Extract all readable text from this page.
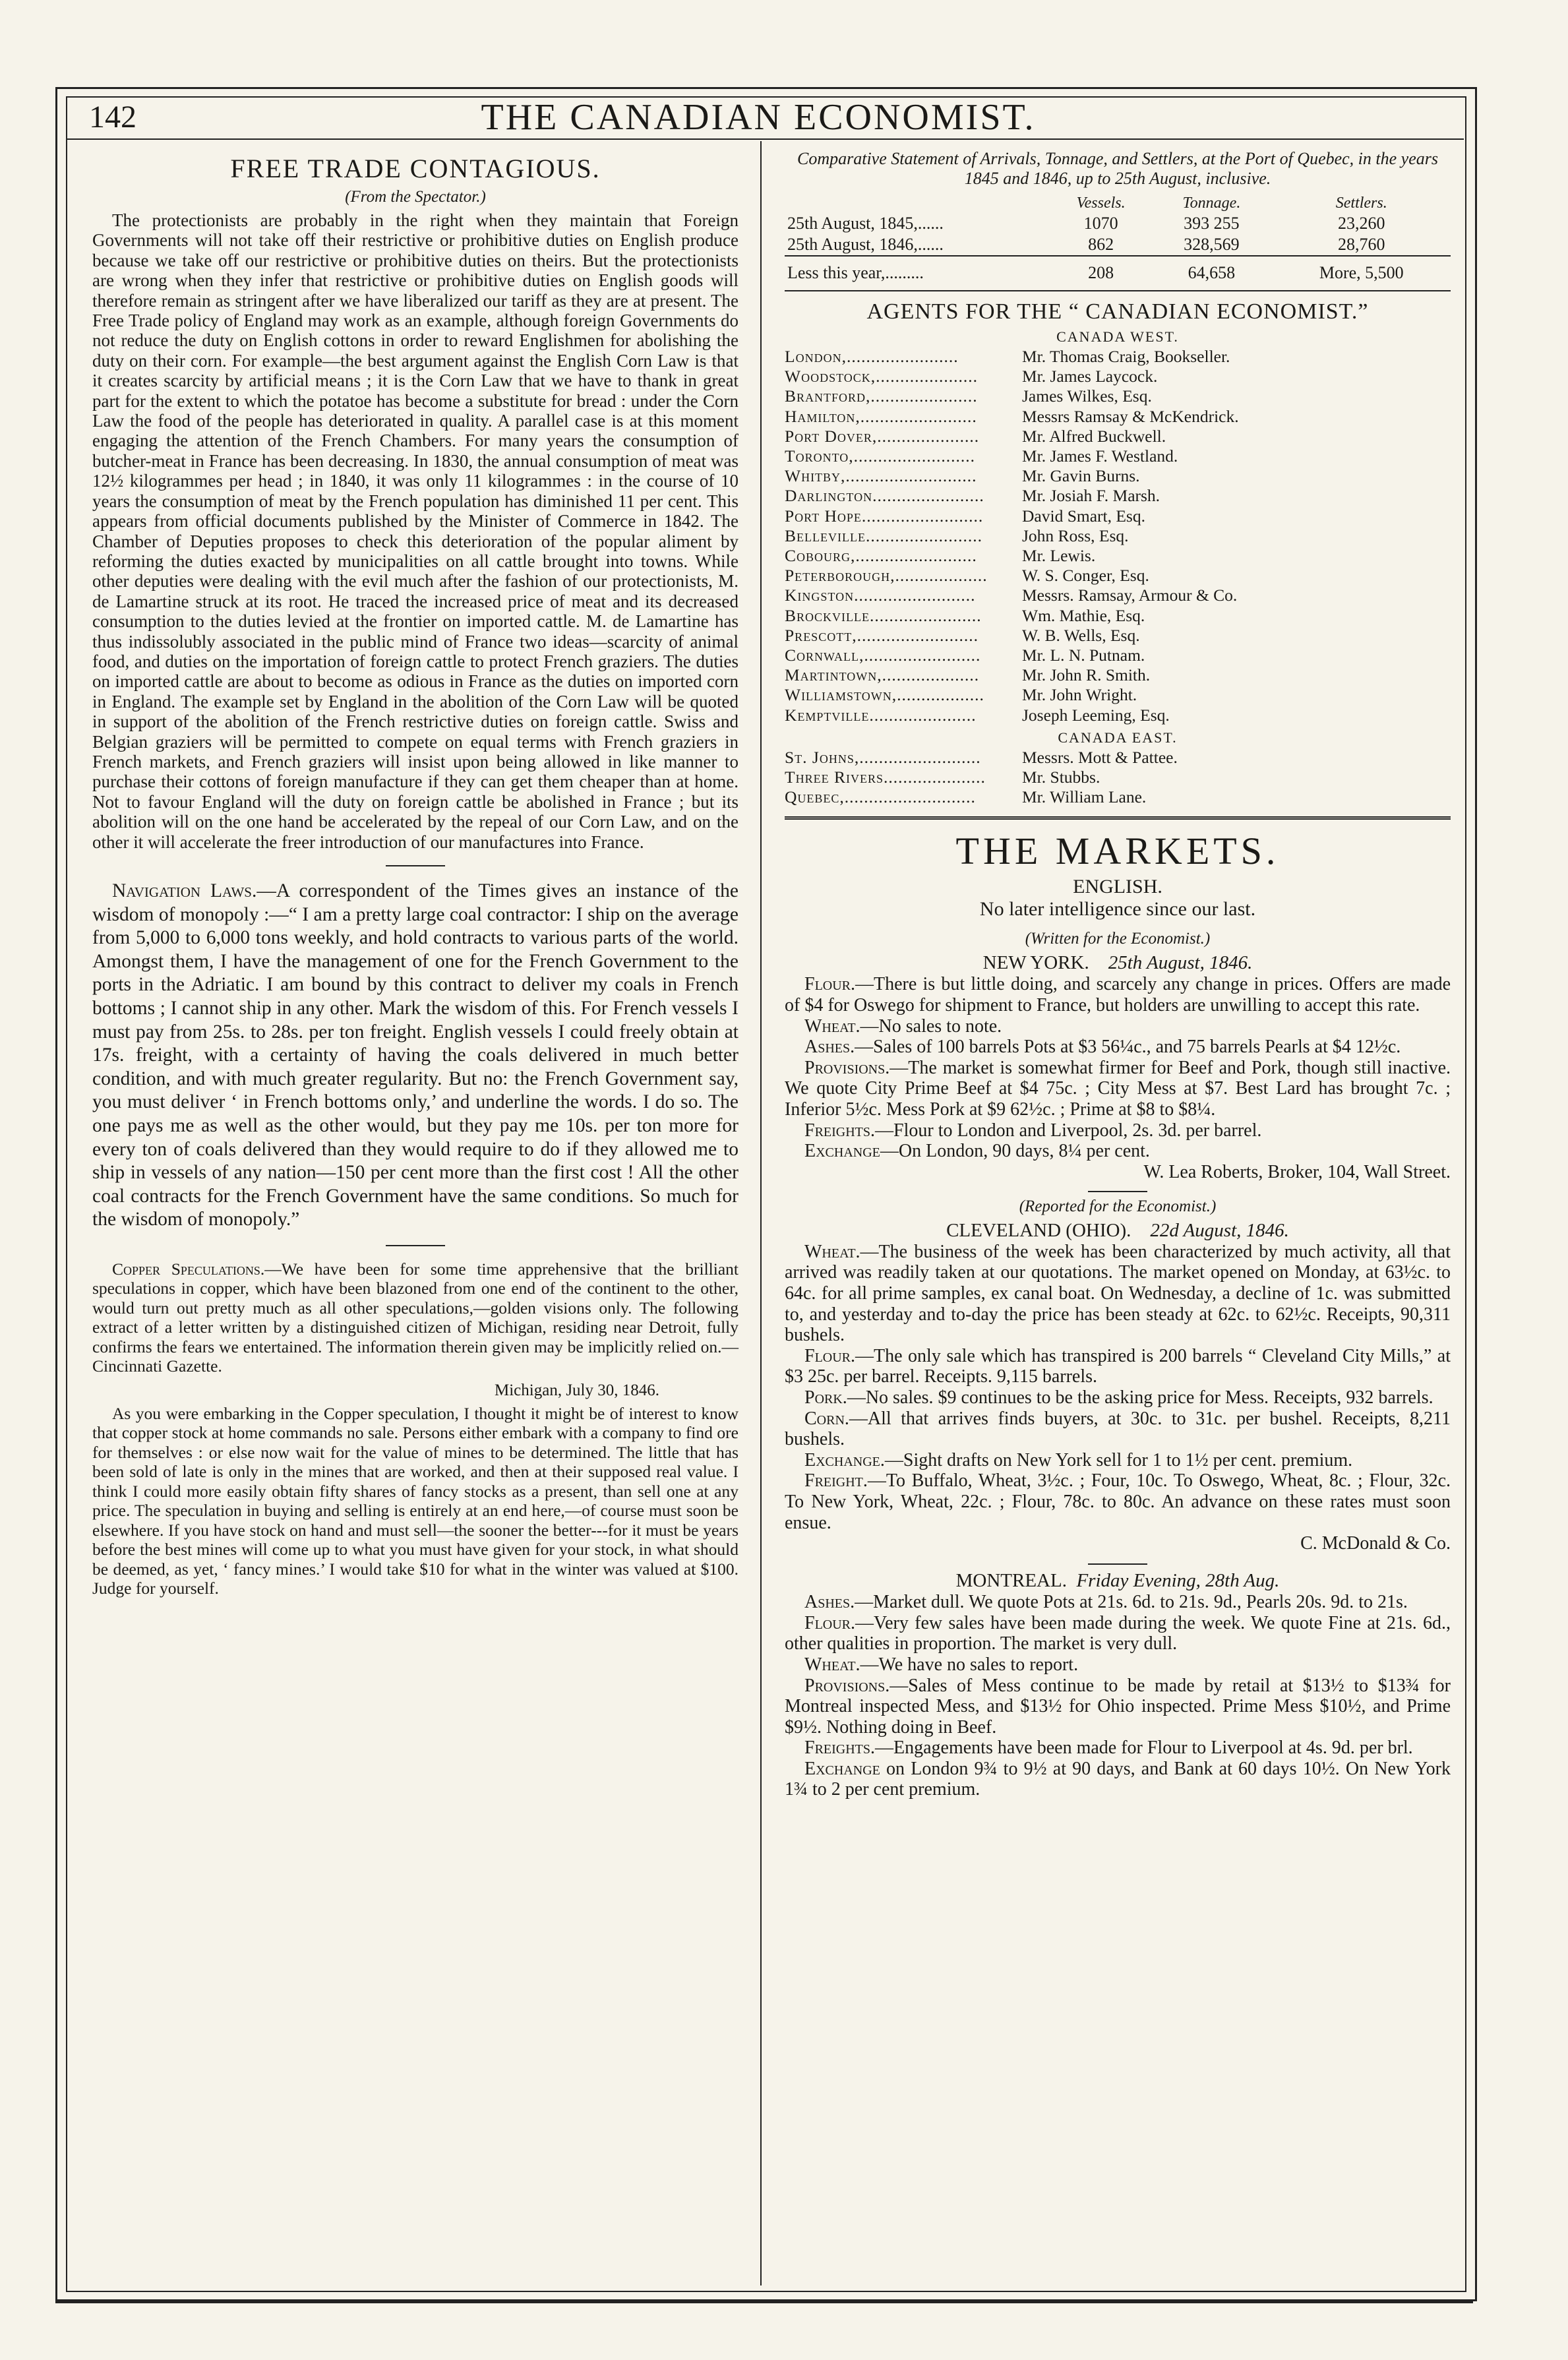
142	THE CANADIAN ECONOMIST.
FREE TRADE CONTAGIOUS.
(From the Spectator.)

The protectionists are probably in the right when they maintain that Foreign Governments will not take off their restrictive or prohibitive duties on English produce because we take off our restrictive or prohibitive duties on theirs. But the protectionists are wrong when they infer that restrictive or prohibitive duties on English goods will therefore remain as stringent after we have liberalized our tariff as they are at present. The Free Trade policy of England may work as an example, although foreign Governments do not reduce the duty on English cottons in order to reward Englishmen for abolishing the duty on their corn. For example—the best argument against the English Corn Law is that it creates scarcity by artificial means ; it is the Corn Law that we have to thank in great part for the extent to which the potatoe has become a substitute for bread : under the Corn Law the food of the people has deteriorated in quality. A parallel case is at this moment engaging the attention of the French Chambers. For many years the consumption of butcher-meat in France has been decreasing. In 1830, the annual consumption of meat was 12½ kilogrammes per head ; in 1840, it was only 11 kilogrammes : in the course of 10 years the consumption of meat by the French population has diminished 11 per cent. This appears from official documents published by the Minister of Commerce in 1842. The Chamber of Deputies proposes to check this deterioration of the popular aliment by reforming the duties exacted by municipalities on all cattle brought into towns. While other deputies were dealing with the evil much after the fashion of our protectionists, M. de Lamartine struck at its root. He traced the increased price of meat and its decreased consumption to the duties levied at the frontier on imported cattle. M. de Lamartine has thus indissolubly associated in the public mind of France two ideas—scarcity of animal food, and duties on the importation of foreign cattle to protect French graziers. The duties on imported cattle are about to become as odious in France as the duties on imported corn in England. The example set by England in the abolition of the Corn Law will be quoted in support of the abolition of the French restrictive duties on foreign cattle. Swiss and Belgian graziers will be permitted to compete on equal terms with French graziers in French markets, and French graziers will insist upon being allowed in like manner to purchase their cottons of foreign manufacture if they can get them cheaper than at home. Not to favour England will the duty on foreign cattle be abolished in France ; but its abolition will on the one hand be accelerated by the repeal of our Corn Law, and on the other it will accelerate the freer introduction of our manufactures into France.

Navigation Laws.—A correspondent of the Times gives an instance of the wisdom of monopoly :—“ I am a pretty large coal contractor: I ship on the average from 5,000 to 6,000 tons weekly, and hold contracts to various parts of the world. Amongst them, I have the management of one for the French Government to the ports in the Adriatic. I am bound by this contract to deliver my coals in French bottoms ; I cannot ship in any other. Mark the wisdom of this. For French vessels I must pay from 25s. to 28s. per ton freight. English vessels I could freely obtain at 17s. freight, with a certainty of having the coals delivered in much better condition, and with much greater regularity. But no: the French Government say, you must deliver ‘ in French bottoms only,’ and underline the words. I do so. The one pays me as well as the other would, but they pay me 10s. per ton more for every ton of coals delivered than they would require to do if they allowed me to ship in vessels of any nation—150 per cent more than the first cost ! All the other coal contracts for the French Government have the same conditions. So much for the wisdom of monopoly.”

Copper Speculations.—We have been for some time apprehensive that the brilliant speculations in copper, which have been blazoned from one end of the continent to the other, would turn out pretty much as all other speculations,—golden visions only. The following extract of a letter written by a distinguished citizen of Michigan, residing near Detroit, fully confirms the fears we entertained. The information therein given may be implicitly relied on.—Cincinnati Gazette.

Michigan, July 30, 1846.

As you were embarking in the Copper speculation, I thought it might be of interest to know that copper stock at home commands no sale. Persons either embark with a company to find ore for themselves : or else now wait for the value of mines to be determined. The little that has been sold of late is only in the mines that are worked, and then at their supposed real value. I think I could more easily obtain fifty shares of fancy stocks as a present, than sell one at any price. The speculation in buying and selling is entirely at an end here,—of course must soon be elsewhere. If you have stock on hand and must sell—the sooner the better---for it must be years before the best mines will come up to what you must have given for your stock, in what should be deemed, as yet, ‘ fancy mines.’ I would take $10 for what in the winter was valued at $100. Judge for yourself.

Comparative Statement of Arrivals, Tonnage, and Settlers, at the Port of Quebec, in the years 1845 and 1846, up to 25th August, inclusive.
	Vessels.	Tonnage.	Settlers.
25th August, 1845,......	1070	393 255	23,260
25th August, 1846,......	862	328,569	28,760
Less this year,.........	208	64,658	More, 5,500
AGENTS FOR THE “ CANADIAN ECONOMIST.”
CANADA WEST.
London,.......................	Mr. Thomas Craig, Bookseller.
Woodstock,.....................	Mr. James Laycock.
Brantford,......................	James Wilkes, Esq.
Hamilton,........................	Messrs Ramsay & McKendrick.
Port Dover,.....................	Mr. Alfred Buckwell.
Toronto,.........................	Mr. James F. Westland.
Whitby,...........................	Mr. Gavin Burns.
Darlington.......................	Mr. Josiah F. Marsh.
Port Hope.........................	David Smart, Esq.
Belleville........................	John Ross, Esq.
Cobourg,.........................	Mr. Lewis.
Peterborough,...................	W. S. Conger, Esq.
Kingston.........................	Messrs. Ramsay, Armour & Co.
Brockville.......................	Wm. Mathie, Esq.
Prescott,.........................	W. B. Wells, Esq.
Cornwall,........................	Mr. L. N. Putnam.
Martintown,....................	Mr. John R. Smith.
Williamstown,..................	Mr. John Wright.
Kemptville......................	Joseph Leeming, Esq.
CANADA EAST.
St. Johns,.........................	Messrs. Mott & Pattee.
Three Rivers.....................	Mr. Stubbs.
Quebec,...........................	Mr. William Lane.
THE MARKETS.
ENGLISH.
No later intelligence since our last.
(Written for the Economist.)
NEW YORK. 25th August, 1846.

Flour.—There is but little doing, and scarcely any change in prices. Offers are made of $4 for Oswego for shipment to France, but holders are unwilling to accept this rate.

Wheat.—No sales to note.

Ashes.—Sales of 100 barrels Pots at $3 56¼c., and 75 barrels Pearls at $4 12½c.

Provisions.—The market is somewhat firmer for Beef and Pork, though still inactive. We quote City Prime Beef at $4 75c. ; City Mess at $7. Best Lard has brought 7c. ; Inferior 5½c. Mess Pork at $9 62½c. ; Prime at $8 to $8¼.

Freights.—Flour to London and Liverpool, 2s. 3d. per barrel.

Exchange—On London, 90 days, 8¼ per cent.

W. Lea Roberts, Broker, 104, Wall Street.
(Reported for the Economist.)
CLEVELAND (OHIO). 22d August, 1846.

Wheat.—The business of the week has been characterized by much activity, all that arrived was readily taken at our quotations. The market opened on Monday, at 63½c. to 64c. for all prime samples, ex canal boat. On Wednesday, a decline of 1c. was submitted to, and yesterday and to-day the price has been steady at 62c. to 62½c. Receipts, 90,311 bushels.

Flour.—The only sale which has transpired is 200 barrels “ Cleveland City Mills,” at $3 25c. per barrel. Receipts. 9,115 barrels.

Pork.—No sales. $9 continues to be the asking price for Mess. Receipts, 932 barrels.

Corn.—All that arrives finds buyers, at 30c. to 31c. per bushel. Receipts, 8,211 bushels.

Exchange.—Sight drafts on New York sell for 1 to 1½ per cent. premium.

Freight.—To Buffalo, Wheat, 3½c. ; Four, 10c. To Oswego, Wheat, 8c. ; Flour, 32c. To New York, Wheat, 22c. ; Flour, 78c. to 80c. An advance on these rates must soon ensue.

C. McDonald & Co.
MONTREAL. Friday Evening, 28th Aug.

Ashes.—Market dull. We quote Pots at 21s. 6d. to 21s. 9d., Pearls 20s. 9d. to 21s.

Flour.—Very few sales have been made during the week. We quote Fine at 21s. 6d., other qualities in proportion. The market is very dull.

Wheat.—We have no sales to report.

Provisions.—Sales of Mess continue to be made by retail at $13½ to $13¾ for Montreal inspected Mess, and $13½ for Ohio inspected. Prime Mess $10½, and Prime $9½. Nothing doing in Beef.

Freights.—Engagements have been made for Flour to Liverpool at 4s. 9d. per brl.

Exchange on London 9¾ to 9½ at 90 days, and Bank at 60 days 10½. On New York 1¾ to 2 per cent premium.
